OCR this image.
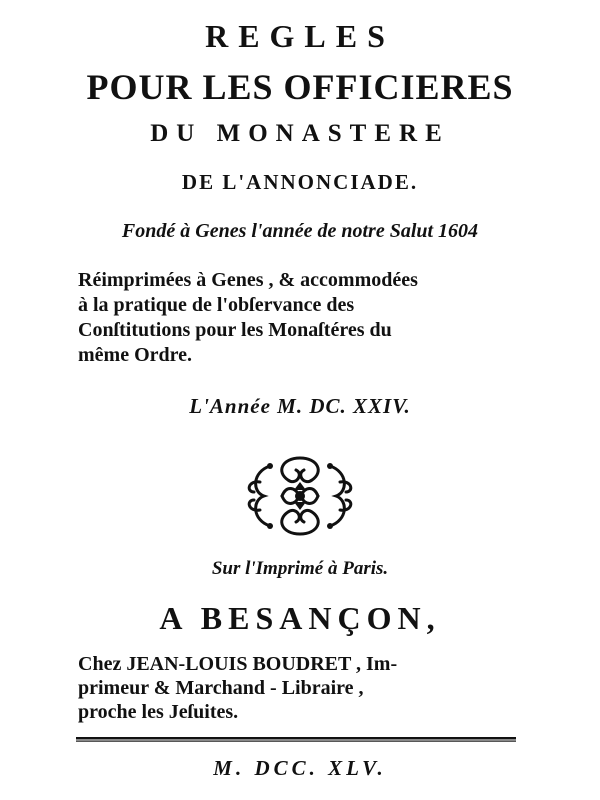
REGLES
POUR LES OFFICIERES
DU MONASTERE
DE L'ANNONCIADE.
Fondé à Genes l'année de notre Salut 1604
Réimprimées à Genes , & accommodées
à la pratique de l'obſervance des
Conſtitutions pour les Monaſtéres du
même Ordre.
L'Année M. DC. XXIV.
Sur l'Imprimé à Paris.
A BESANÇON,
Chez JEAN-LOUIS BOUDRET , Im-
primeur & Marchand - Libraire ,
proche les Jeſuites.
M. DCC. XLV.
